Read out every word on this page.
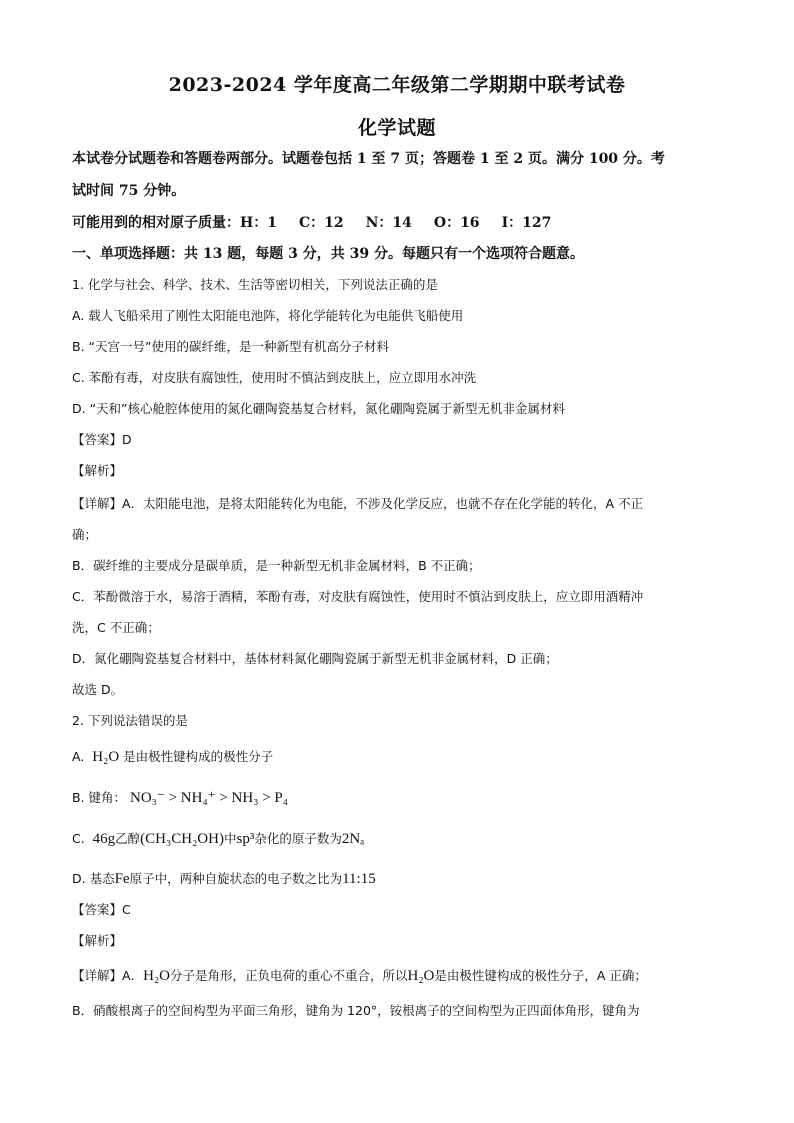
2023-2024 学年度高二年级第二学期期中联考试卷
化学试题
本试卷分试题卷和答题卷两部分。试题卷包括 1 至 7 页；答题卷 1 至 2 页。满分 100 分。考
试时间 75 分钟。
可能用到的相对原子质量：H：1 C：12 N：14 O：16 I：127
一、单项选择题：共 13 题，每题 3 分，共 39 分。每题只有一个选项符合题意。
1. 化学与社会、科学、技术、生活等密切相关，下列说法正确的是
A. 载人飞船采用了刚性太阳能电池阵，将化学能转化为电能供飞船使用
B. “天宫一号”使用的碳纤维，是一种新型有机高分子材料
C. 苯酚有毒，对皮肤有腐蚀性，使用时不慎沾到皮肤上，应立即用水冲洗
D. “天和”核心舱腔体使用的氮化硼陶瓷基复合材料，氮化硼陶瓷属于新型无机非金属材料
【答案】D
【解析】
【详解】A．太阳能电池，是将太阳能转化为电能，不涉及化学反应，也就不存在化学能的转化，A 不正
确；
B．碳纤维的主要成分是碳单质，是一种新型无机非金属材料，B 不正确；
C．苯酚微溶于水，易溶于酒精，苯酚有毒，对皮肤有腐蚀性，使用时不慎沾到皮肤上，应立即用酒精冲
洗，C 不正确；
D．氮化硼陶瓷基复合材料中，基体材料氮化硼陶瓷属于新型无机非金属材料，D 正确；
故选 D。
2. 下列说法错误的是
A. H₂O 是由极性键构成的极性分子
B. 键角： NO₃⁻ > NH₄⁺ > NH₃ > P₄
C. 46g乙醇(CH₃CH₂OH)中sp³杂化的原子数为2Nₐ
D. 基态Fe原子中，两种自旋状态的电子数之比为11:15
【答案】C
【解析】
【详解】A．H₂O分子是角形，正负电荷的重心不重合，所以H₂O是由极性键构成的极性分子，A 正确；
B．硝酸根离子的空间构型为平面三角形，键角为 120°，铵根离子的空间构型为正四面体角形，键角为
